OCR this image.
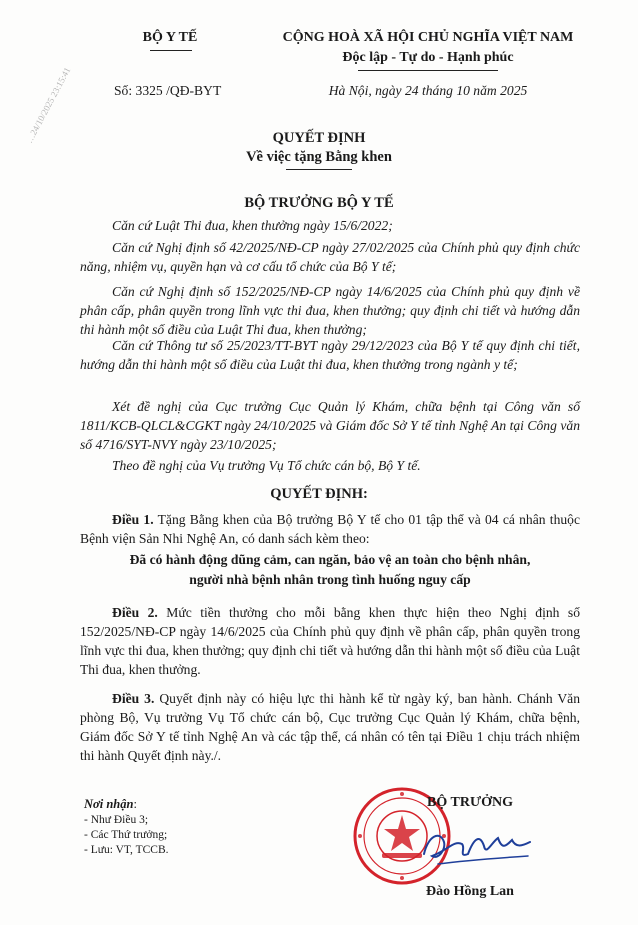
…24/10/2025 23:15:41
BỘ Y TẾ
Số: 3325 /QĐ-BYT
CỘNG HOÀ XÃ HỘI CHỦ NGHĨA VIỆT NAM
Độc lập - Tự do - Hạnh phúc
Hà Nội, ngày 24 tháng 10 năm 2025
QUYẾT ĐỊNH
Về việc tặng Bằng khen
BỘ TRƯỞNG BỘ Y TẾ
Căn cứ Luật Thi đua, khen thưởng ngày 15/6/2022;
Căn cứ Nghị định số 42/2025/NĐ-CP ngày 27/02/2025 của Chính phủ quy định chức năng, nhiệm vụ, quyền hạn và cơ cấu tổ chức của Bộ Y tế;
Căn cứ Nghị định số 152/2025/NĐ-CP ngày 14/6/2025 của Chính phủ quy định về phân cấp, phân quyền trong lĩnh vực thi đua, khen thưởng; quy định chi tiết và hướng dẫn thi hành một số điều của Luật Thi đua, khen thưởng;
Căn cứ Thông tư số 25/2023/TT-BYT ngày 29/12/2023 của Bộ Y tế quy định chi tiết, hướng dẫn thi hành một số điều của Luật thi đua, khen thưởng trong ngành y tế;
Xét đề nghị của Cục trưởng Cục Quản lý Khám, chữa bệnh tại Công văn số 1811/KCB-QLCL&CGKT ngày 24/10/2025 và Giám đốc Sở Y tế tỉnh Nghệ An tại Công văn số 4716/SYT-NVY ngày 23/10/2025;
Theo đề nghị của Vụ trưởng Vụ Tổ chức cán bộ, Bộ Y tế.
QUYẾT ĐỊNH:
Điều 1. Tặng Bằng khen của Bộ trưởng Bộ Y tế cho 01 tập thể và 04 cá nhân thuộc Bệnh viện Sản Nhi Nghệ An, có danh sách kèm theo:
Đã có hành động dũng cảm, can ngăn, bảo vệ an toàn cho bệnh nhân,
người nhà bệnh nhân trong tình huống nguy cấp
Điều 2. Mức tiền thưởng cho mỗi bằng khen thực hiện theo Nghị định số 152/2025/NĐ-CP ngày 14/6/2025 của Chính phủ quy định về phân cấp, phân quyền trong lĩnh vực thi đua, khen thưởng; quy định chi tiết và hướng dẫn thi hành một số điều của Luật Thi đua, khen thưởng.
Điều 3. Quyết định này có hiệu lực thi hành kể từ ngày ký, ban hành. Chánh Văn phòng Bộ, Vụ trưởng Vụ Tổ chức cán bộ, Cục trưởng Cục Quản lý Khám, chữa bệnh, Giám đốc Sở Y tế tỉnh Nghệ An và các tập thể, cá nhân có tên tại Điều 1 chịu trách nhiệm thi hành Quyết định này./.
Nơi nhận:
- Như Điều 3;
- Các Thứ trưởng;
- Lưu: VT, TCCB.
BỘ TRƯỞNG
Đào Hồng Lan
